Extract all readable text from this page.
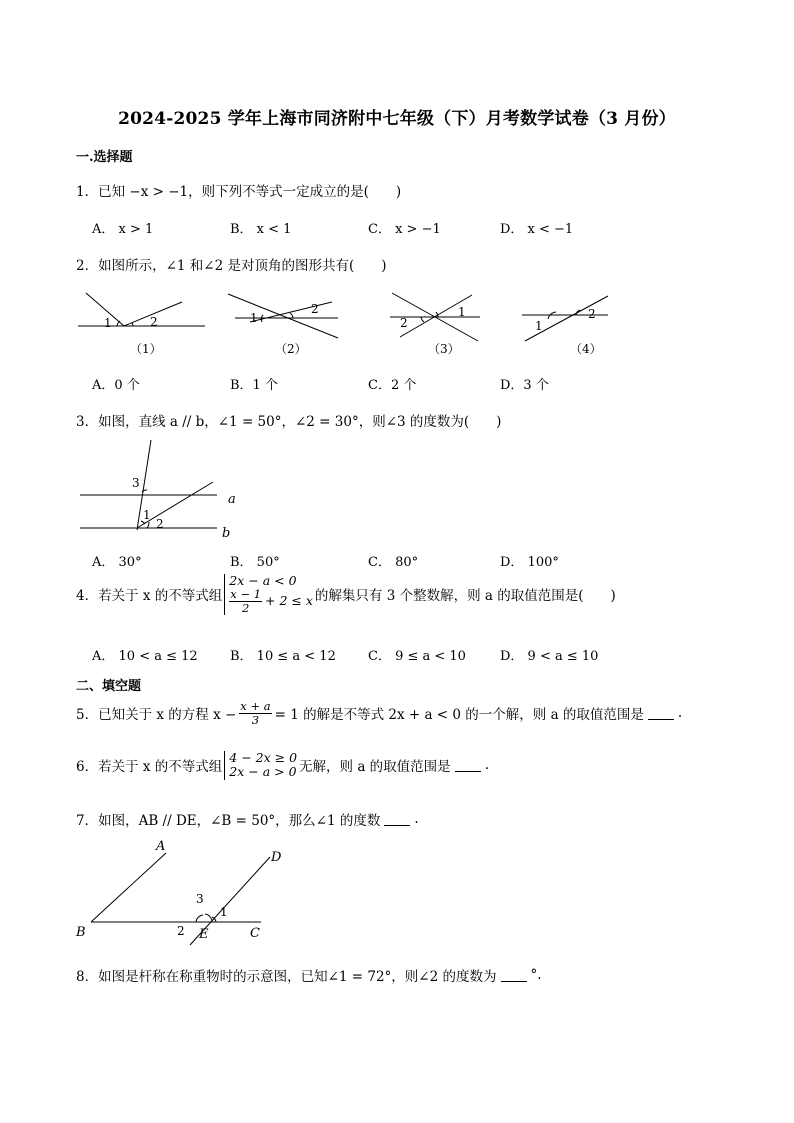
2024-2025 学年上海市同济附中七年级（下）月考数学试卷（3 月份）
一.选择题
1．已知 −x > −1，则下列不等式一定成立的是(　　)
A． x > 1	B． x < 1	C． x > −1	D． x < −1
2．如图所示，∠1 和∠2 是对顶角的图形共有(　　)
1	2	1
2
2
1
1
2
（1）	（2）	（3）	（4）
3
1
2
a
b
A
B	C
D
E
1
2
3
A．0 个	B．1 个	C．2 个	D．3 个
3．如图，直线 a // b，∠1 = 50°，∠2 = 30°，则∠3 的度数为(　　)
A． 30°	B． 50°	C． 80°	D． 100°
4．若关于 x 的不等式组
2x − a < 0
$\frac{x - 1}{2} + 2 \le x$ 的解集只有 3 个整数解，则 a 的取值范围是(　　)
A． 10 < a ≤ 12 B． 10 ≤ a < 12 C． 9 ≤ a < 10	D． 9 < a ≤ 10
二、填空题
5．已知关于 x 的方程 $x - \frac{x + a}{3} = 1$ 的解是不等式 2x + a < 0 的一个解，则 a 的取值范围是	.
6．若关于 x 的不等式组
4 − 2x ≥ 0
2x − a > 0 无解，则 a 的取值范围是	.
7．如图，AB // DE，∠B = 50°，那么∠1 的度数	.
8．如图是杆称在称重物时的示意图，已知∠1 = 72°，则∠2 的度数为	°.
